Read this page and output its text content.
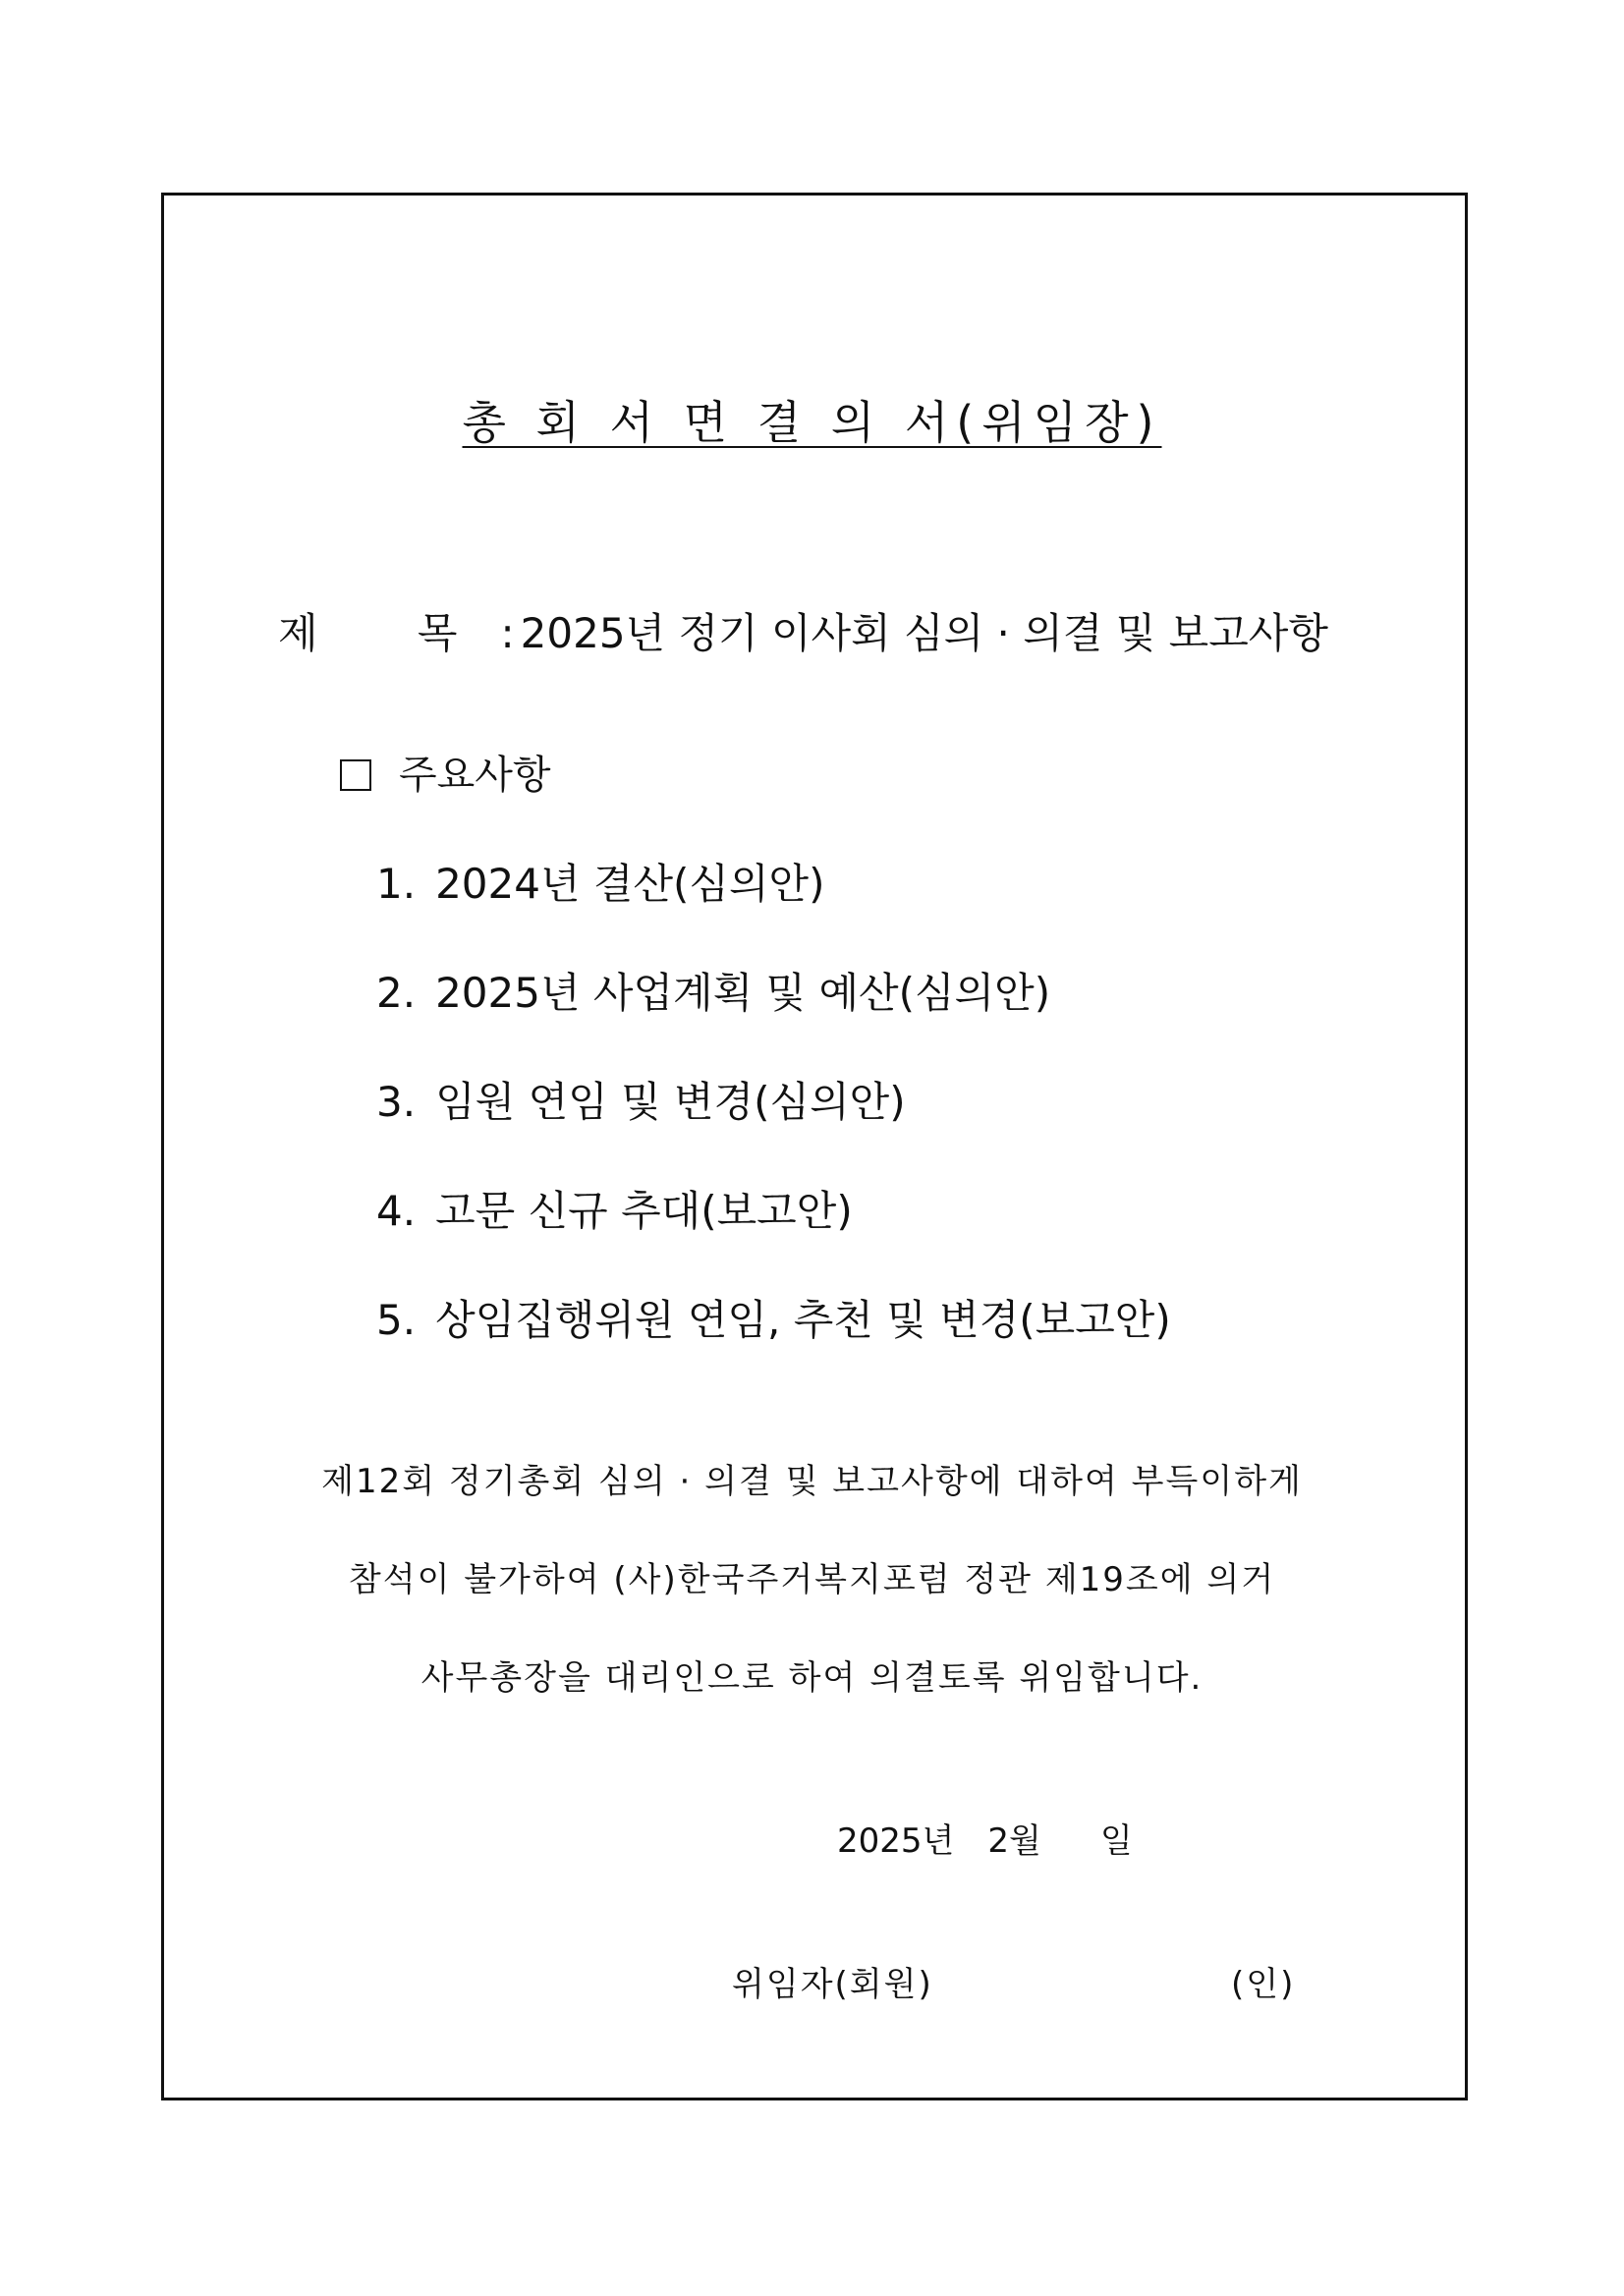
총 회 서 면 결 의 서(위임장)
제 목: 2025년 정기 이사회 심의 · 의결 및 보고사항
주요사항
1. 2024년 결산(심의안)
2. 2025년 사업계획 및 예산(심의안)
3. 임원 연임 및 변경(심의안)
4. 고문 신규 추대(보고안)
5. 상임집행위원 연임, 추천 및 변경(보고안)
제12회 정기총회 심의 · 의결 및 보고사항에 대하여 부득이하게
참석이 불가하여 (사)한국주거복지포럼 정관 제19조에 의거
사무총장을 대리인으로 하여 의결토록 위임합니다.
2025년 2월 일
위임자(회원)	(인)
